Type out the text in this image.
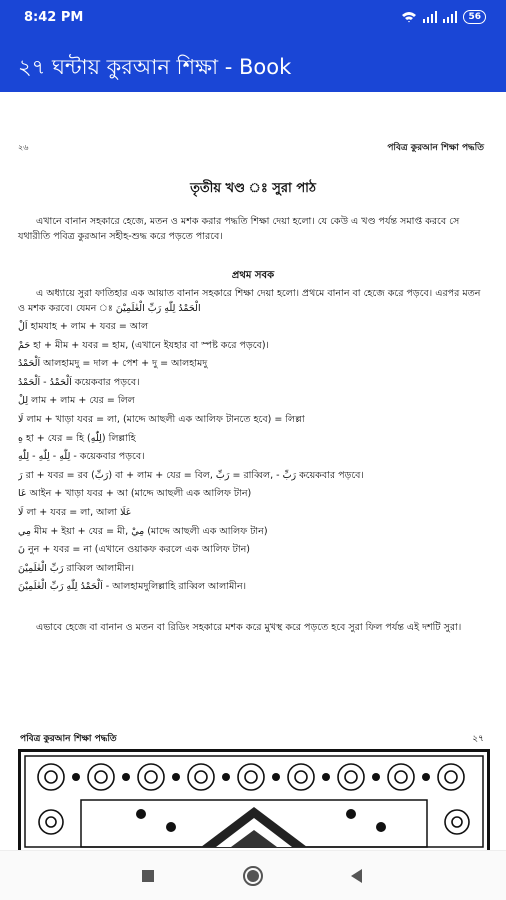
8:42 PM	56
২৭ ঘন্টায় কুরআন শিক্ষা - Book
২৬	পবিত্র কুরআন শিক্ষা পদ্ধতি
তৃতীয় খণ্ড ঃ সুরা পাঠ

এখানে বানান সহকারে হেজে, মতন ও মশক করার পদ্ধতি শিক্ষা দেয়া হলো। যে কেউ এ খণ্ড পর্যন্ত সমাপ্ত করবে সে যথারীতি পবিত্র কুরআন সহীহ-শুদ্ধ করে পড়তে পারবে।

প্রথম সবক

এ অধ্যায়ে সুরা ফাতিহার এক আয়াত বানান সহকারে শিক্ষা দেয়া হলো। প্রথমে বানান বা হেজে করে পড়বে। এরপর মতন ও মশক করবে। যেমন ঃ الْحَمْدُ لِلّٰهِ رَبِّ الْعٰلَمِيْنَ

اَلْ হামযাহ + লাম + যবর = আল
حَمْ হা + মীম + যবর = হাম, (এখানে ইযহার বা স্পষ্ট করে পড়বে)।
اَلْحَمْدُ আলহামদু = দাল + পেশ + দু = আলহামদু
اَلْحَمْدُ - اَلْحَمْدُ কয়েকবার পড়বে।
لِلْ লাম + লাম + যের = লিল
لَا লাম + খাড়া যবর = লা, (মাদ্দে আছলী এক আলিফ টানতে হবে) = লিল্লা
هِ হা + যের = হি (لِلّٰهِ) লিল্লাহি
لِلّٰهِ - لِلّٰهِ - لِلّٰهِ - কয়েকবার পড়বে।
رَ রা + যবর = রব (رَبِّ) বা + লাম + যের = বিল, رَبِّ = রাব্বিল, - رَبِّ কয়েকবার পড়বে।
عَا আইন + খাড়া যবর + আ (মাদ্দে আছলী এক আলিফ টান)
لَا লা + যবর = লা, আলা عَلَا
مِي মীম + ইয়া + যের = মী, مِيْ (মাদ্দে আছলী এক আলিফ টান)
نَ নুন + যবর = না (এখানে ওয়াকফ করলে এক আলিফ টান)
رَبِّ الْعٰلَمِيْنَ রাব্বিল আলামীন।
اَلْحَمْدُ لِلّٰهِ رَبِّ الْعٰلَمِيْنَ - আলহামদুলিল্লাহি রাব্বিল আলামীন।

এভাবে হেজে বা বানান ও মতন বা রিডিং সহকারে মশক করে মুখস্থ করে পড়তে হবে সুরা ফিল পর্যন্ত এই দশটি সুরা।

পবিত্র কুরআন শিক্ষা পদ্ধতি	২৭
